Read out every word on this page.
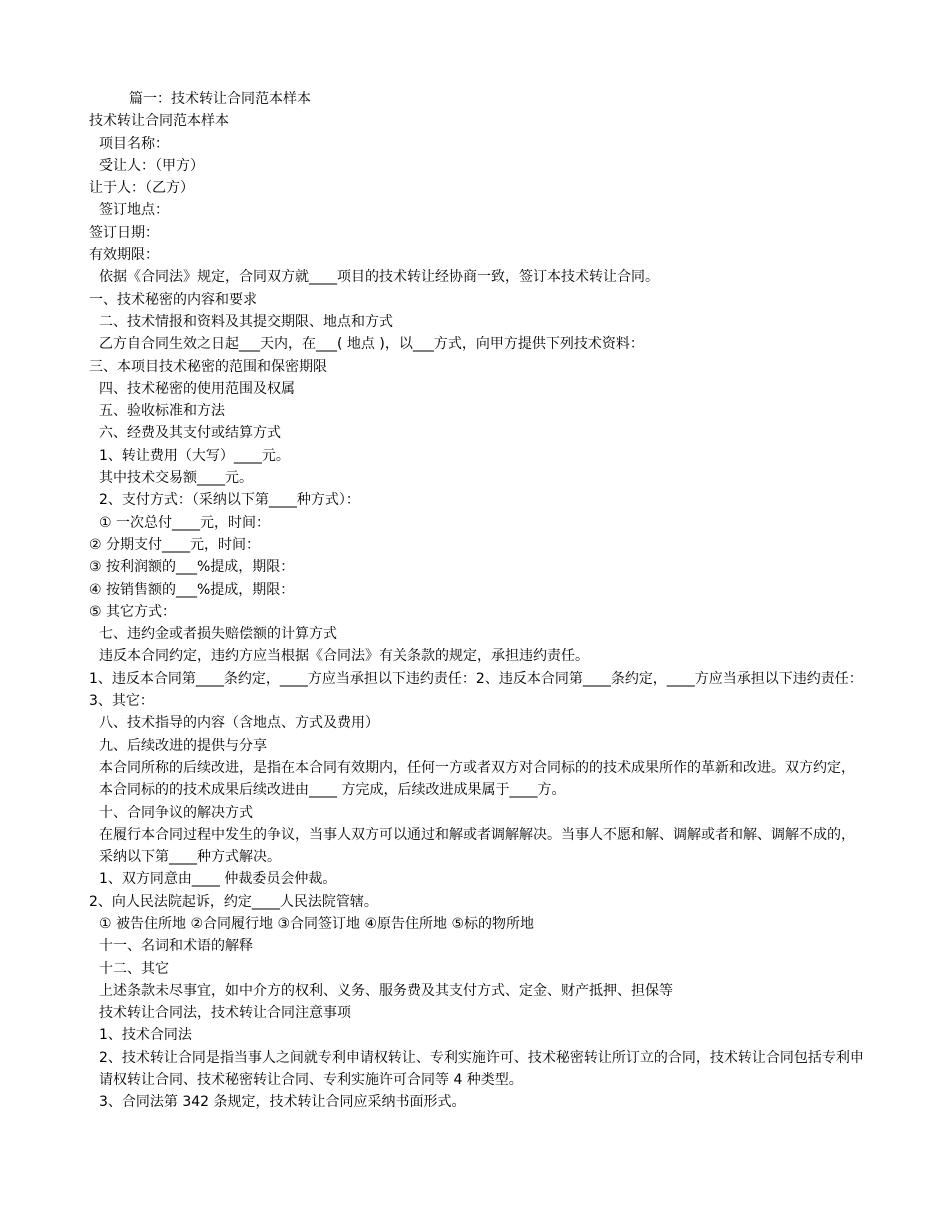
篇一：技术转让合同范本样本

技术转让合同范本样本

项目名称：

受让人：（甲方）

让于人：（乙方）

签订地点：

签订日期：

有效期限：

依据《合同法》规定，合同双方就____项目的技术转让经协商一致，签订本技术转让合同。

一、技术秘密的内容和要求

二、技术情报和资料及其提交期限、地点和方式

乙方自合同生效之日起___天内，在___( 地点 )，以___方式，向甲方提供下列技术资料：

三、本项目技术秘密的范围和保密期限

四、技术秘密的使用范围及权属

五、验收标准和方法

六、经费及其支付或结算方式

1、转让费用（大写）____元。

其中技术交易额____元。

2、支付方式：（采纳以下第____种方式）：

① 一次总付____元，时间：

② 分期支付____元，时间：

③ 按利润额的___%提成，期限：

④ 按销售额的___%提成，期限：

⑤ 其它方式：

七、违约金或者损失赔偿额的计算方式

违反本合同约定，违约方应当根据《合同法》有关条款的规定，承担违约责任。

1、违反本合同第____条约定，____方应当承担以下违约责任：2、违反本合同第____条约定，____方应当承担以下违约责任：

3、其它：

八、技术指导的内容（含地点、方式及费用）

九、后续改进的提供与分享

本合同所称的后续改进，是指在本合同有效期内，任何一方或者双方对合同标的的技术成果所作的革新和改进。双方约定，本合同标的的技术成果后续改进由____ 方完成，后续改进成果属于____方。

十、合同争议的解决方式

在履行本合同过程中发生的争议，当事人双方可以通过和解或者调解解决。当事人不愿和解、调解或者和解、调解不成的，采纳以下第____种方式解决。

1、双方同意由____ 仲裁委员会仲裁。

2、向人民法院起诉，约定____人民法院管辖。

① 被告住所地 ②合同履行地 ③合同签订地 ④原告住所地 ⑤标的物所地

十一、名词和术语的解释

十二、其它

上述条款未尽事宜，如中介方的权利、义务、服务费及其支付方式、定金、财产抵押、担保等

技术转让合同法，技术转让合同注意事项

1、技术合同法

2、技术转让合同是指当事人之间就专利申请权转让、专利实施许可、技术秘密转让所订立的合同，技术转让合同包括专利申请权转让合同、技术秘密转让合同、专利实施许可合同等 4 种类型。

3、合同法第 342 条规定，技术转让合同应采纳书面形式。
